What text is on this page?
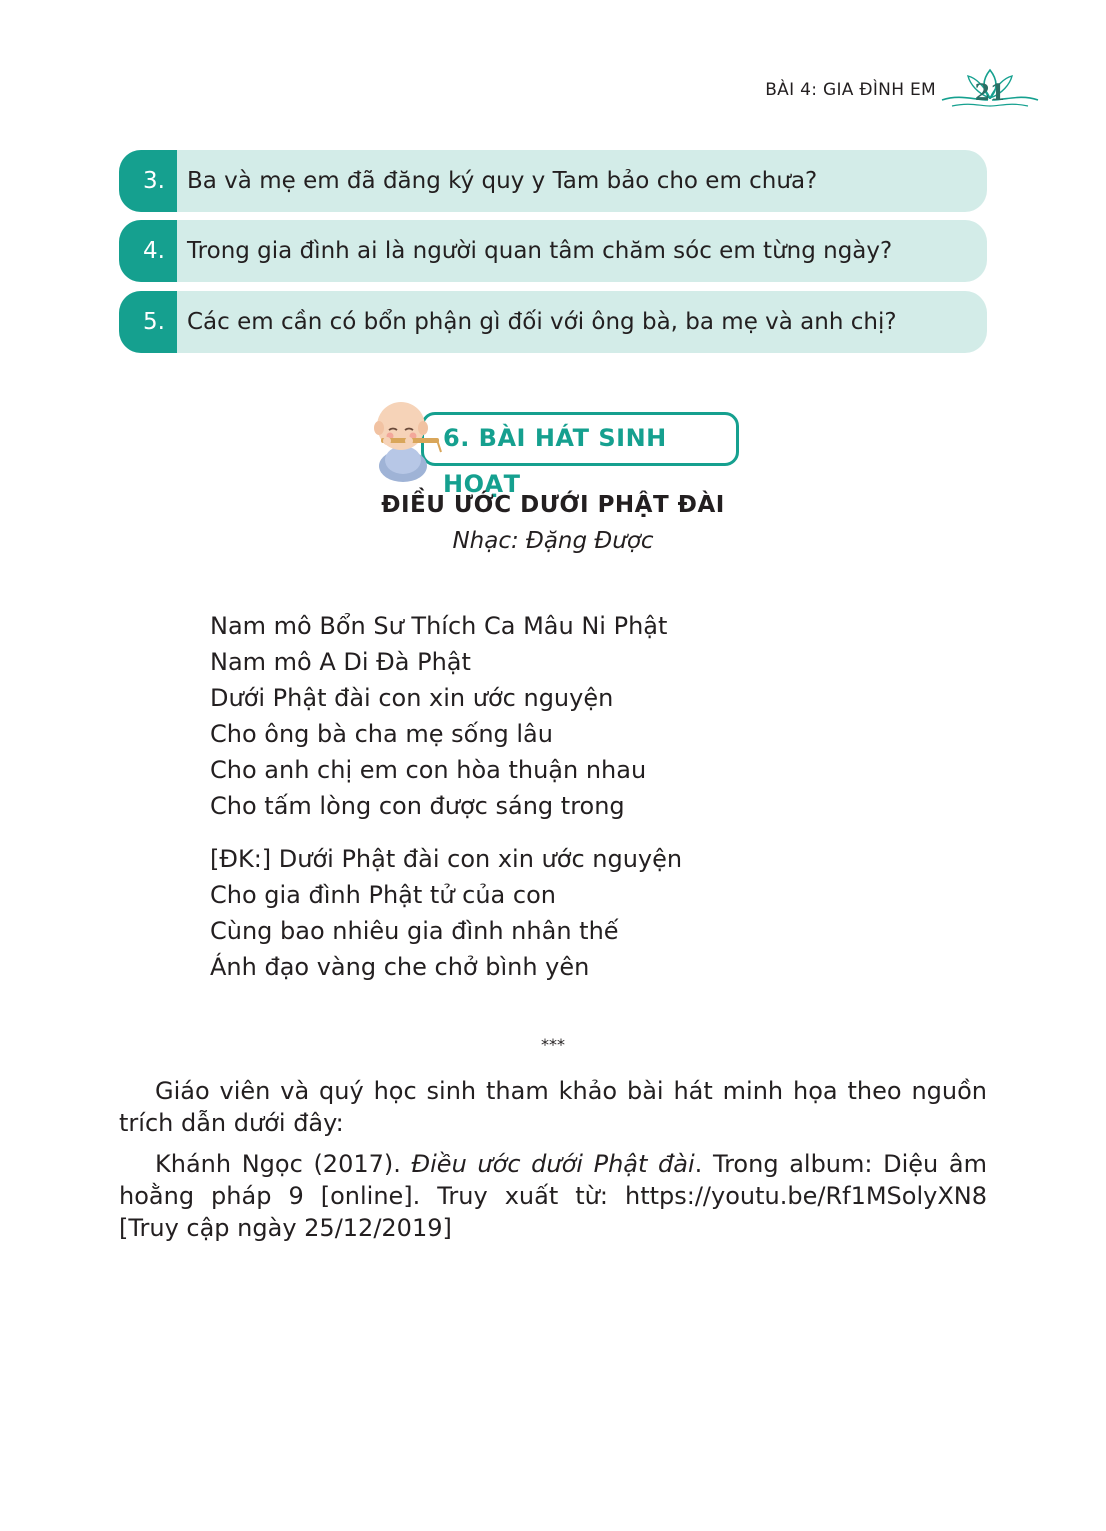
BÀI 4: GIA ĐÌNH EM 21
3. Ba và mẹ em đã đăng ký quy y Tam bảo cho em chưa?
4. Trong gia đình ai là người quan tâm chăm sóc em từng ngày?
5. Các em cần có bổn phận gì đối với ông bà, ba mẹ và anh chị?
6. BÀI HÁT SINH HOẠT
ĐIỀU ƯỚC DƯỚI PHẬT ĐÀI
Nhạc: Đặng Được
Nam mô Bổn Sư Thích Ca Mâu Ni Phật
Nam mô A Di Đà Phật
Dưới Phật đài con xin ước nguyện
Cho ông bà cha mẹ sống lâu
Cho anh chị em con hòa thuận nhau
Cho tấm lòng con được sáng trong
[ĐK:] Dưới Phật đài con xin ước nguyện
Cho gia đình Phật tử của con
Cùng bao nhiêu gia đình nhân thế
Ánh đạo vàng che chở bình yên
***

Giáo viên và quý học sinh tham khảo bài hát minh họa theo nguồn trích dẫn dưới đây:

Khánh Ngọc (2017). Điều ước dưới Phật đài. Trong album: Diệu âm hoằng pháp 9 [online]. Truy xuất từ: https://youtu.be/Rf1MSolyXN8 [Truy cập ngày 25/12/2019]
